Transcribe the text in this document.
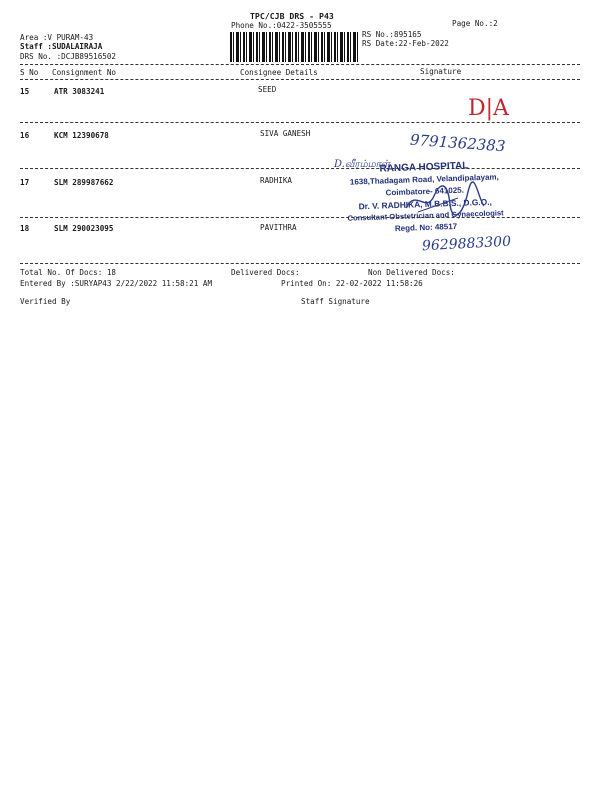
TPC/CJB DRS - P43
Phone No.:0422-3505555	Page No.:2
Area :V PURAM-43
Staff :SUDALAIRAJA
DRS No. :DCJB89516502
RS No.:895165
RS Date:22-Feb-2022
S No Consignment No	Consignee Details	Signature
15	ATR 3083241	SEED
D|A
16	KCM 12390678	SIVA GANESH	9791362383
D.வீரம்மாள்
17	SLM 289987662	RADHIKA
RANGA HOSPITAL
1638,Thadagam Road, Velandipalayam,
Coimbatore- 641025.
Dr. V. RADHIKA, M.B.B.S., D.G.O.,
Consultant Obstetrician and Gynaecologist
Regd. No: 48517
18	SLM 290023095	PAVITHRA
9629883300
Total No. Of Docs: 18	Delivered Docs:	Non Delivered Docs:
Entered By :SURYAP43 2/22/2022 11:58:21 AM	Printed On: 22-02-2022 11:58:26
Verified By	Staff Signature
